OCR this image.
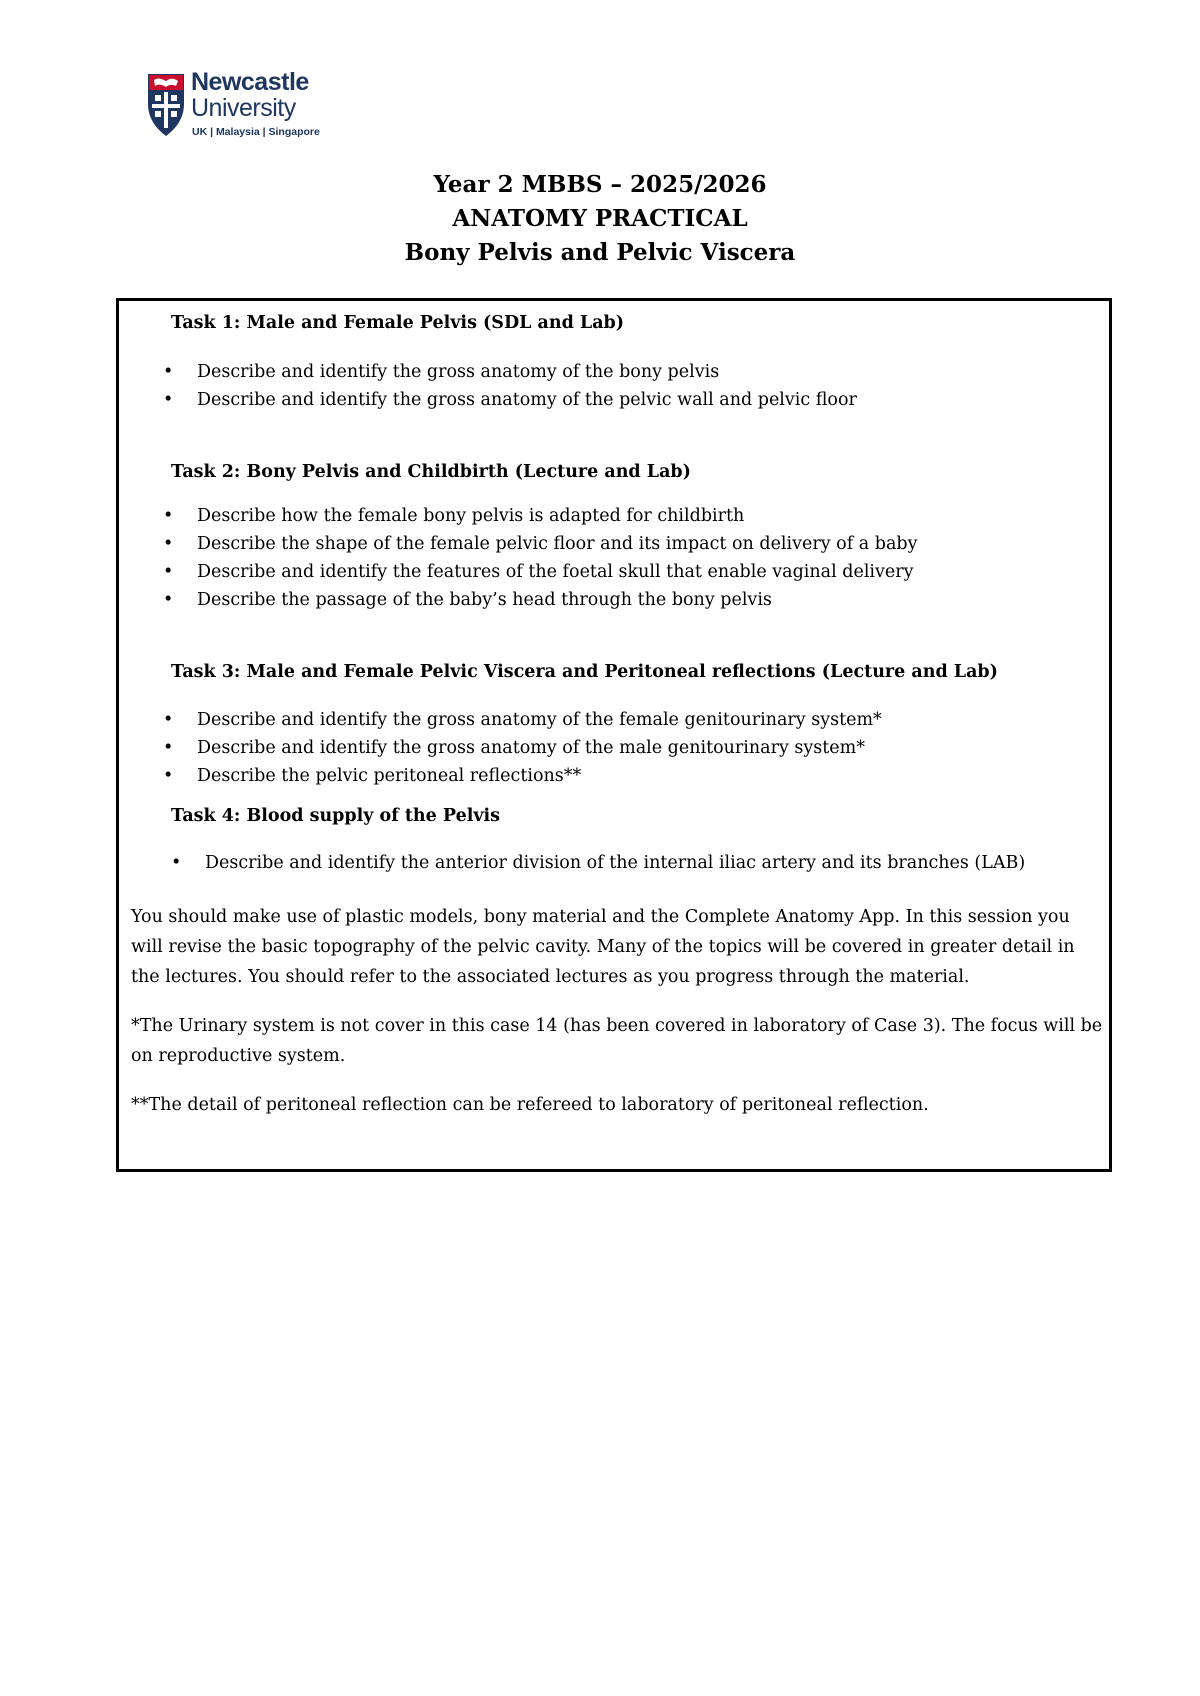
Newcastle
University
UK | Malaysia | Singapore
Year 2 MBBS – 2025/2026
ANATOMY PRACTICAL
Bony Pelvis and Pelvic Viscera
Task 1: Male and Female Pelvis (SDL and Lab)
• Describe and identify the gross anatomy of the bony pelvis
• Describe and identify the gross anatomy of the pelvic wall and pelvic floor
Task 2: Bony Pelvis and Childbirth (Lecture and Lab)
• Describe how the female bony pelvis is adapted for childbirth
• Describe the shape of the female pelvic floor and its impact on delivery of a baby
• Describe and identify the features of the foetal skull that enable vaginal delivery
• Describe the passage of the baby’s head through the bony pelvis
Task 3: Male and Female Pelvic Viscera and Peritoneal reflections (Lecture and Lab)
• Describe and identify the gross anatomy of the female genitourinary system*
• Describe and identify the gross anatomy of the male genitourinary system*
• Describe the pelvic peritoneal reflections**
Task 4: Blood supply of the Pelvis
• Describe and identify the anterior division of the internal iliac artery and its branches (LAB)

You should make use of plastic models, bony material and the Complete Anatomy App. In this session you will revise the basic topography of the pelvic cavity. Many of the topics will be covered in greater detail in the lectures. You should refer to the associated lectures as you progress through the material.

*The Urinary system is not cover in this case 14 (has been covered in laboratory of Case 3). The focus will be on reproductive system.

**The detail of peritoneal reflection can be refereed to laboratory of peritoneal reflection.
